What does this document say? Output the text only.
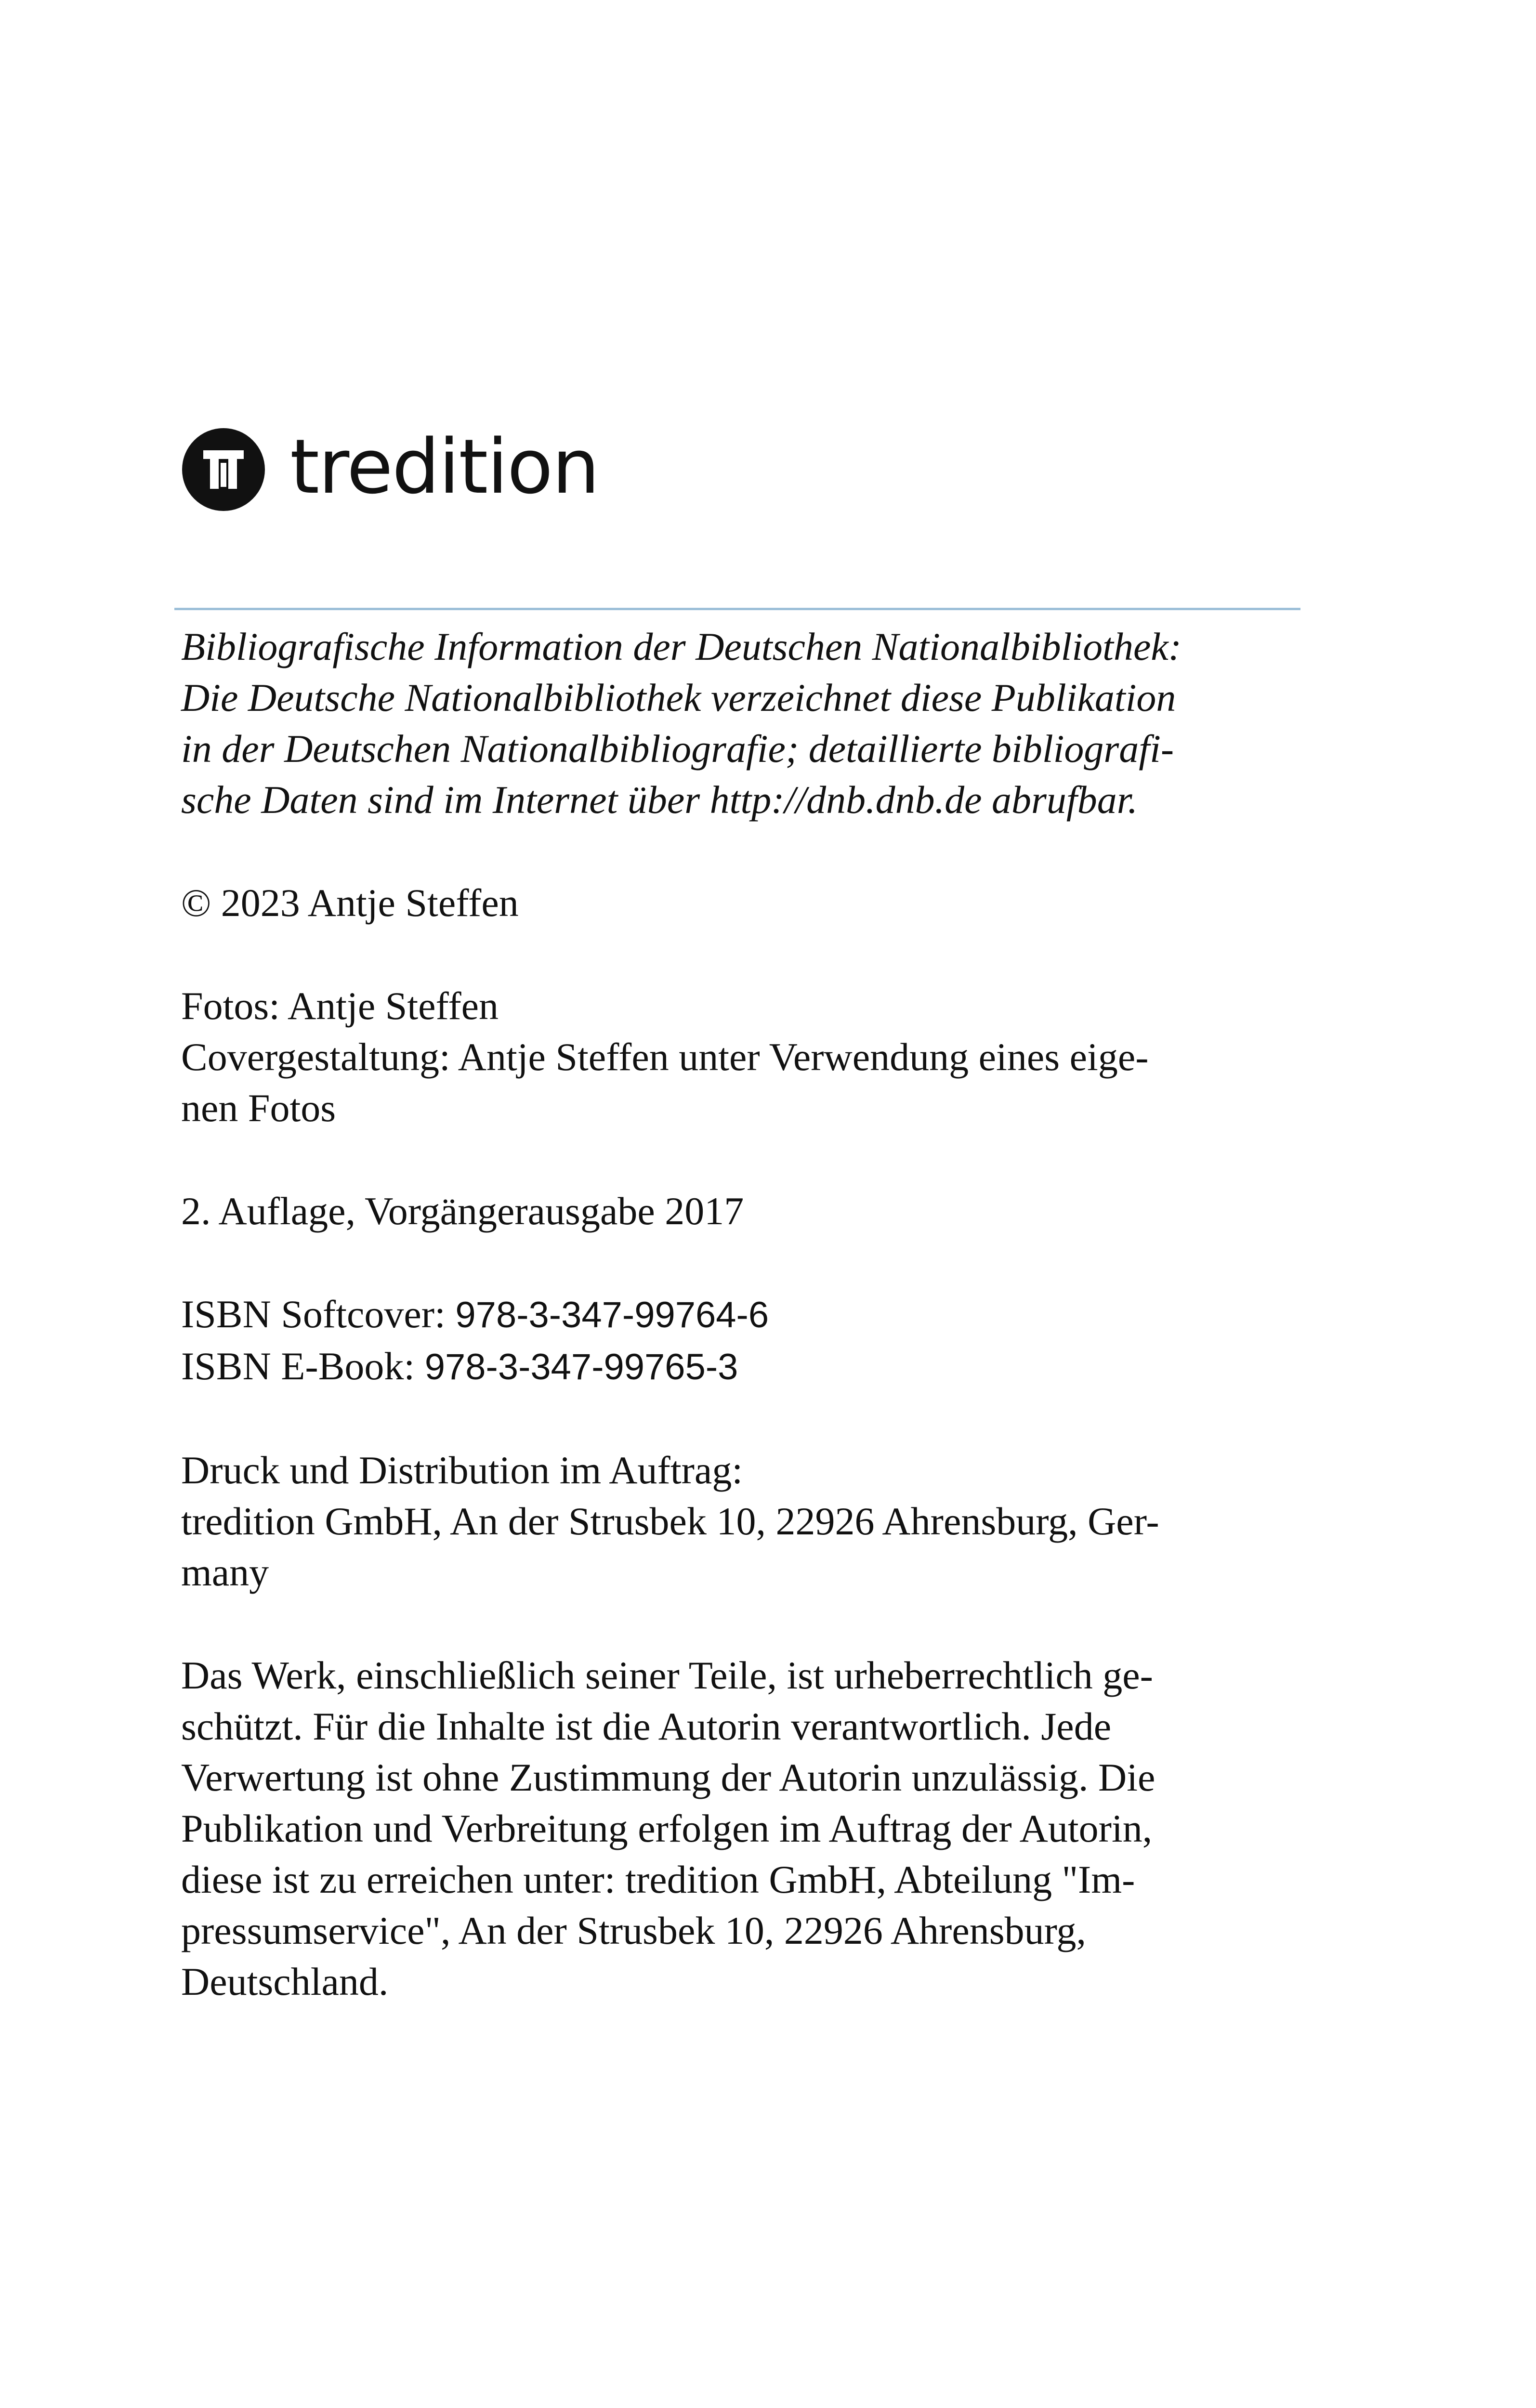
tredition

Bibliografische Information der Deutschen Nationalbibliothek:
Die Deutsche Nationalbibliothek verzeichnet diese Publikation
in der Deutschen Nationalbibliografie; detaillierte bibliografi-
sche Daten sind im Internet über http://dnb.dnb.de abrufbar.

© 2023 Antje Steffen

Fotos: Antje Steffen
Covergestaltung: Antje Steffen unter Verwendung eines eige-
nen Fotos

2. Auflage, Vorgängerausgabe 2017

ISBN Softcover: 978-3-347-99764-6
ISBN E-Book: 978-3-347-99765-3

Druck und Distribution im Auftrag:
tredition GmbH, An der Strusbek 10, 22926 Ahrensburg, Ger-
many

Das Werk, einschließlich seiner Teile, ist urheberrechtlich ge-
schützt. Für die Inhalte ist die Autorin verantwortlich. Jede
Verwertung ist ohne Zustimmung der Autorin unzulässig. Die
Publikation und Verbreitung erfolgen im Auftrag der Autorin,
diese ist zu erreichen unter: tredition GmbH, Abteilung "Im-
pressumservice", An der Strusbek 10, 22926 Ahrensburg,
Deutschland.
